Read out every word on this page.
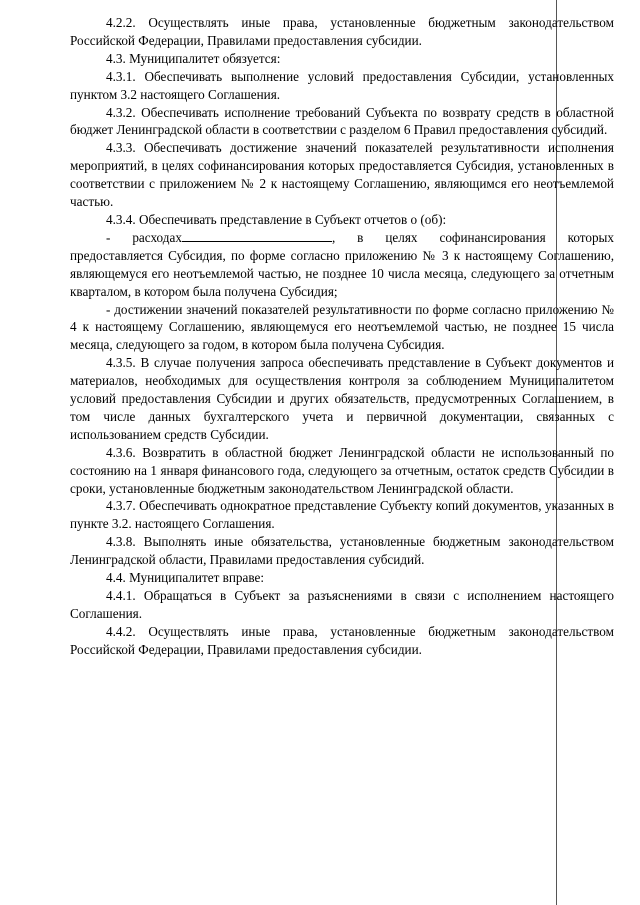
4.2.2. Осуществлять иные права, установленные бюджетным законодательством Российской Федерации, Правилами предоставления субсидии.

4.3. Муниципалитет обязуется:

4.3.1. Обеспечивать выполнение условий предоставления Субсидии, установленных пунктом 3.2 настоящего Соглашения.

4.3.2. Обеспечивать исполнение требований Субъекта по возврату средств в областной бюджет Ленинградской области в соответствии с разделом 6 Правил предоставления субсидий.

4.3.3. Обеспечивать достижение значений показателей результативности исполнения мероприятий, в целях софинансирования которых предоставляется Субсидия, установленных в соответствии с приложением № 2 к настоящему Соглашению, являющимся его неотъемлемой частью.

4.3.4. Обеспечивать представление в Субъект отчетов о (об):

- расходах	, в целях софинансирования которых предоставляется Субсидия, по форме согласно приложению № 3 к настоящему Соглашению, являющемуся его неотъемлемой частью, не позднее 10 числа месяца, следующего за отчетным кварталом, в котором была получена Субсидия;

- достижении значений показателей результативности по форме согласно приложению № 4 к настоящему Соглашению, являющемуся его неотъемлемой частью, не позднее 15 числа месяца, следующего за годом, в котором была получена Субсидия.

4.3.5. В случае получения запроса обеспечивать представление в Субъект документов и материалов, необходимых для осуществления контроля за соблюдением Муниципалитетом условий предоставления Субсидии и других обязательств, предусмотренных Соглашением, в том числе данных бухгалтерского учета и первичной документации, связанных с использованием средств Субсидии.

4.3.6. Возвратить в областной бюджет Ленинградской области не использованный по состоянию на 1 января финансового года, следующего за отчетным, остаток средств Субсидии в сроки, установленные бюджетным законодательством Ленинградской области.

4.3.7. Обеспечивать однократное представление Субъекту копий документов, указанных в пункте 3.2. настоящего Соглашения.

4.3.8. Выполнять иные обязательства, установленные бюджетным законодательством Ленинградской области, Правилами предоставления субсидий.

4.4. Муниципалитет вправе:

4.4.1. Обращаться в Субъект за разъяснениями в связи с исполнением настоящего Соглашения.

4.4.2. Осуществлять иные права, установленные бюджетным законодательством Российской Федерации, Правилами предоставления субсидии.
